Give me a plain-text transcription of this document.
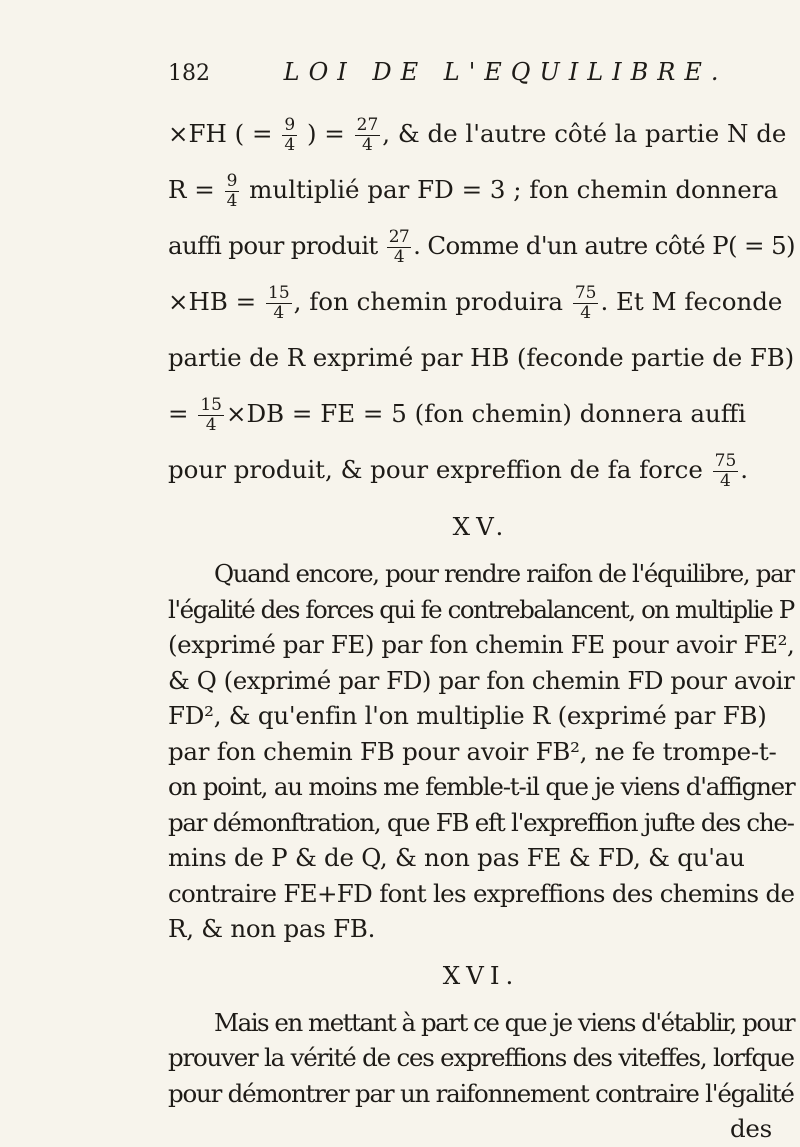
182	LOI DE L'EQUILIBRE.
×FH ( = $\frac{9}{4}$ ) = $\frac{27}{4}$ , & de l'autre côté la partie N de
$R = \frac{9}{4}$ multiplié par FD = 3 ; fon chemin donnera
auffi pour produit $\frac{27}{4}$ . Comme d'un autre côté P( = 5)
$\times HB = \frac{15}{4}$ , fon chemin produira $\frac{75}{4}$ . Et M feconde
partie de R exprimé par HB (feconde partie de FB)
= $\frac{15}{4} \times DB$ = FE = 5 (fon chemin) donnera auffi
pour produit, & pour expreffion de fa force $\frac{75}{4}$ .
XV.
Quand encore, pour rendre raifon de l'équilibre, par
l'égalité des forces qui fe contrebalancent, on multiplie P
(exprimé par FE) par fon chemin FE pour avoir FE²,
& Q (exprimé par FD) par fon chemin FD pour avoir
FD², & qu'enfin l'on multiplie R (exprimé par FB)
par fon chemin FB pour avoir FB², ne fe trompe-t-
on point, au moins me femble-t-il que je viens d'affigner
par démonftration, que FB eft l'expreffion jufte des che-
mins de P & de Q, & non pas FE & FD, & qu'au
contraire FE+FD font les expreffions des chemins de
R, & non pas FB.
XVI.
Mais en mettant à part ce que je viens d'établir, pour
prouver la vérité de ces expreffions des viteffes, lorfque
pour démontrer par un raifonnement contraire l'égalité
des
